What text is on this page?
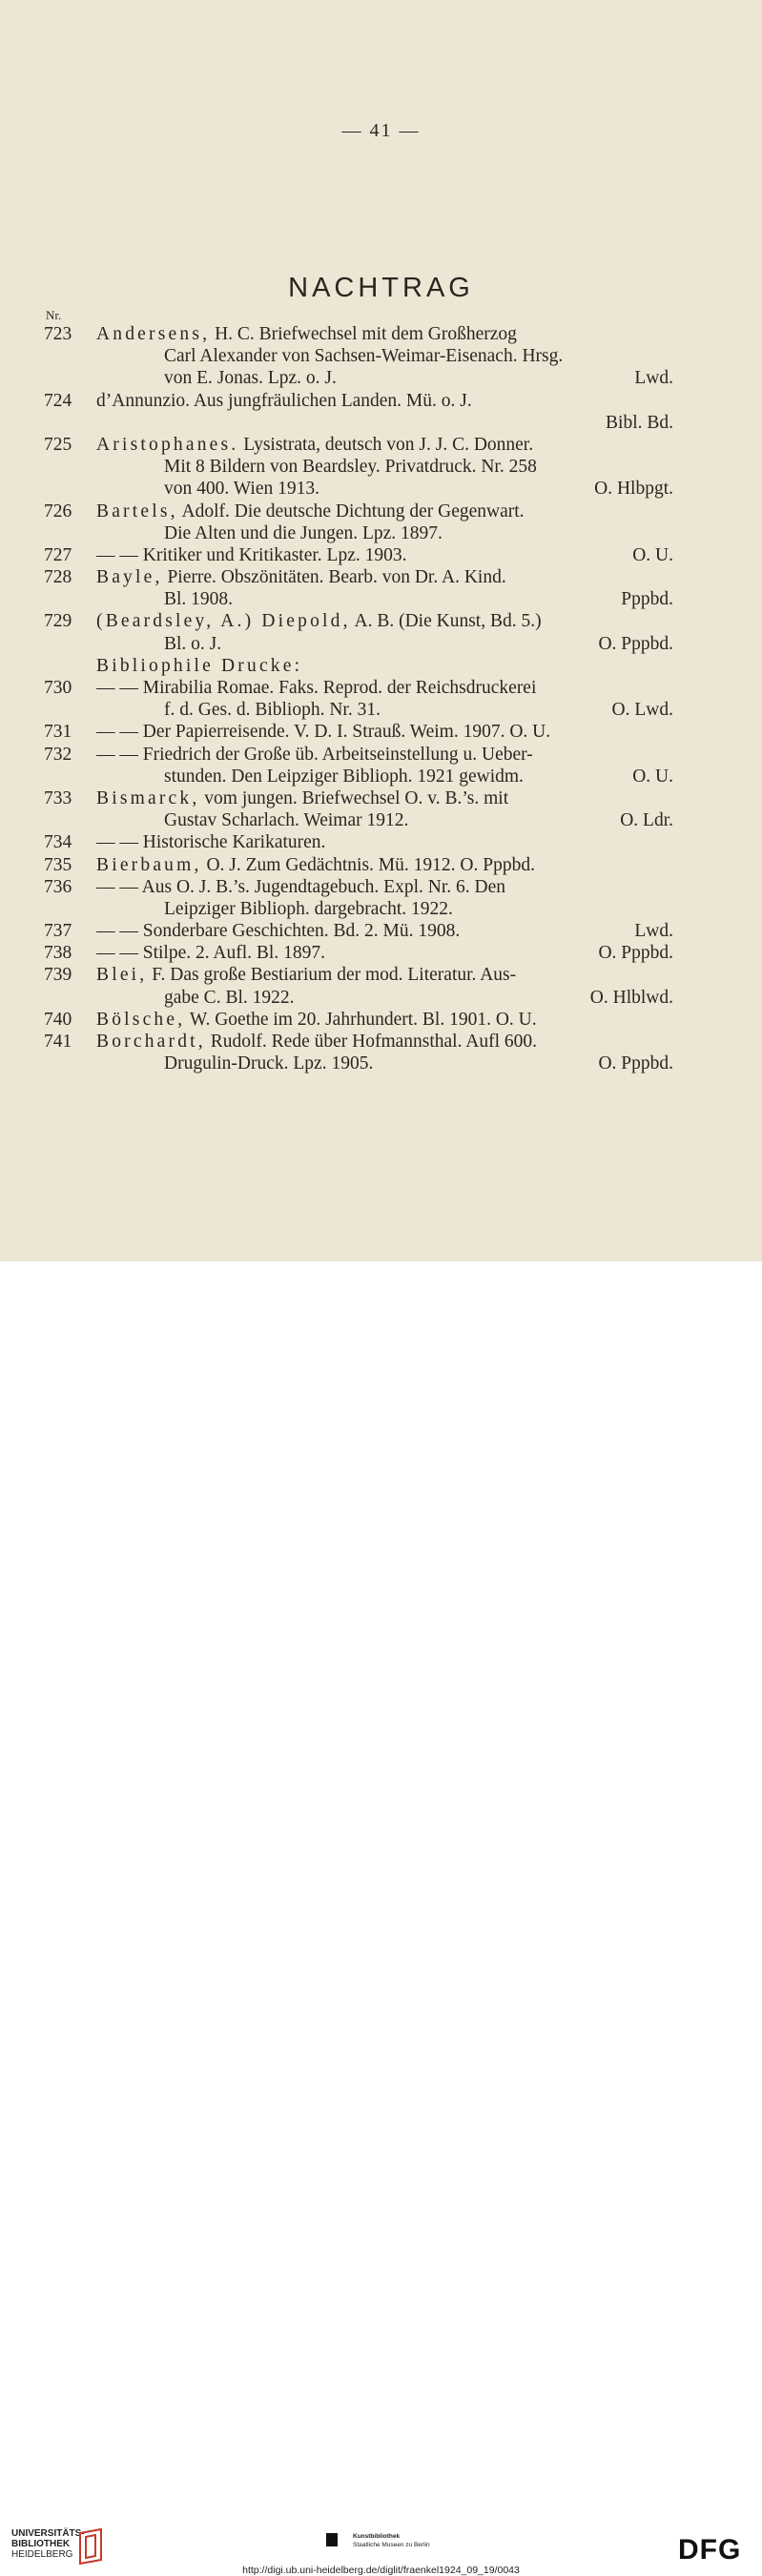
— 41 —
NACHTRAG
Nr.
723	Andersens, H. C. Briefwechsel mit dem Großherzog
Carl Alexander von Sachsen-Weimar-Eisenach. Hrsg.
von E. Jonas. Lpz. o. J.	Lwd.
724	d’Annunzio. Aus jungfräulichen Landen. Mü. o. J.
Bibl. Bd.
725	Aristophanes. Lysistrata, deutsch von J. J. C. Donner.
Mit 8 Bildern von Beardsley. Privatdruck. Nr. 258
von 400. Wien 1913.	O. Hlbpgt.
726	Bartels, Adolf. Die deutsche Dichtung der Gegenwart.
Die Alten und die Jungen. Lpz. 1897.
727	— — Kritiker und Kritikaster. Lpz. 1903.	O. U.
728	Bayle, Pierre. Obszönitäten. Bearb. von Dr. A. Kind.
Bl. 1908.	Pppbd.
729	(Beardsley, A.) Diepold, A. B. (Die Kunst, Bd. 5.)
Bl. o. J.	O. Pppbd.
Bibliophile Drucke:
730	— — Mirabilia Romae. Faks. Reprod. der Reichsdruckerei
f. d. Ges. d. Biblioph. Nr. 31.	O. Lwd.
731	— — Der Papierreisende. V. D. I. Strauß. Weim. 1907. O. U.
732	— — Friedrich der Große üb. Arbeitseinstellung u. Ueber-
stunden. Den Leipziger Biblioph. 1921 gewidm.	O. U.
733	Bismarck, vom jungen. Briefwechsel O. v. B.’s. mit
Gustav Scharlach. Weimar 1912.	O. Ldr.
734	— — Historische Karikaturen.
735	Bierbaum, O. J. Zum Gedächtnis. Mü. 1912. O. Pppbd.
736	— — Aus O. J. B.’s. Jugendtagebuch. Expl. Nr. 6. Den
Leipziger Biblioph. dargebracht. 1922.
737	— — Sonderbare Geschichten. Bd. 2. Mü. 1908.	Lwd.
738	— — Stilpe. 2. Aufl. Bl. 1897.	O. Pppbd.
739	Blei, F. Das große Bestiarium der mod. Literatur. Aus-
gabe C. Bl. 1922.	O. Hlblwd.
740	Bölsche, W. Goethe im 20. Jahrhundert. Bl. 1901. O. U.
741	Borchardt, Rudolf. Rede über Hofmannsthal. Aufl 600.
Drugulin-Druck. Lpz. 1905.	O. Pppbd.
UNIVERSITÄTS-
BIBLIOTHEK
HEIDELBERG
Kunstbibliothek
Staatliche Museen zu Berlin	DFG
http://digi.ub.uni-heidelberg.de/diglit/fraenkel1924_09_19/0043
